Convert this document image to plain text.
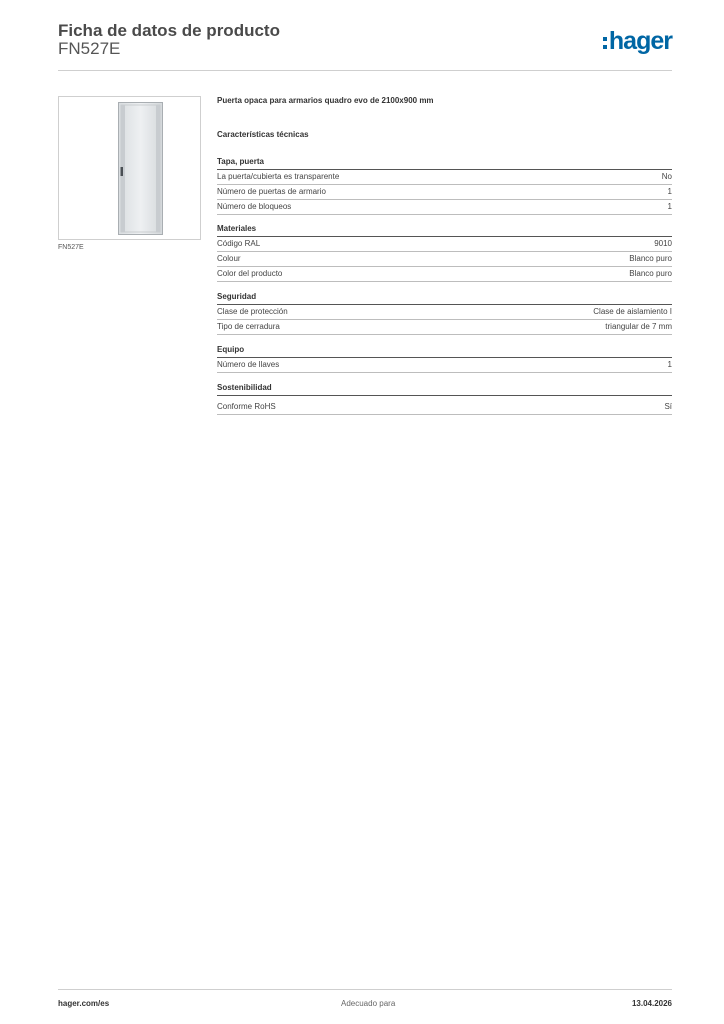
Ficha de datos de producto
FN527E	hager
FN527E
Puerta opaca para armarios quadro evo de 2100x900 mm
Características técnicas
Tapa, puerta
La puerta/cubierta es transparente	No
Número de puertas de armario	1
Número de bloqueos	1
Materiales
Código RAL	9010
Colour	Blanco puro
Color del producto	Blanco puro
Seguridad
Clase de protección	Clase de aislamiento I
Tipo de cerradura	triangular de 7 mm
Equipo
Número de llaves	1
Sostenibilidad
Conforme RoHS	Sí
hager.com/es	Adecuado para	13.04.2026
